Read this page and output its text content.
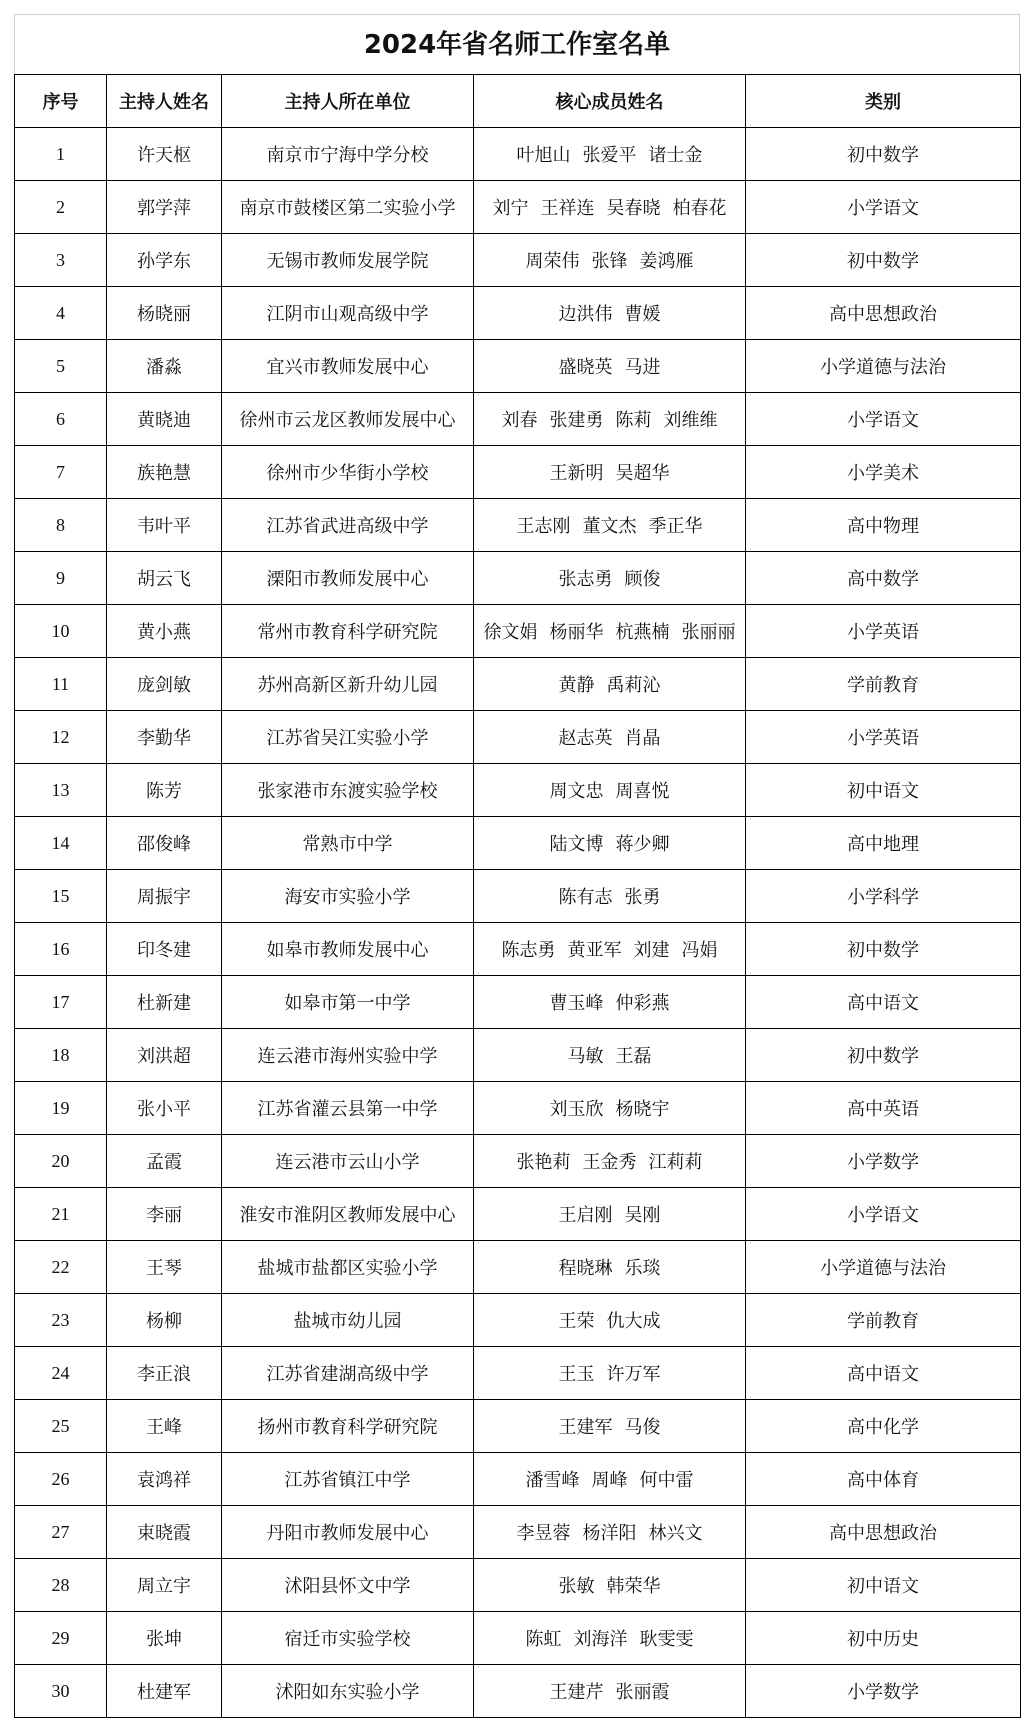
2024年省名师工作室名单
序号	主持人姓名	主持人所在单位	核心成员姓名	类别
1	许天枢	南京市宁海中学分校	叶旭山 张爱平 诸士金	初中数学
2	郭学萍	南京市鼓楼区第二实验小学	刘宁 王祥连 吴春晓 柏春花	小学语文
3	孙学东	无锡市教师发展学院	周荣伟 张锋 姜鸿雁	初中数学
4	杨晓丽	江阴市山观高级中学	边洪伟 曹媛	高中思想政治
5	潘淼	宜兴市教师发展中心	盛晓英 马进	小学道德与法治
6	黄晓迪	徐州市云龙区教师发展中心	刘春 张建勇 陈莉 刘维维	小学语文
7	族艳慧	徐州市少华街小学校	王新明 吴超华	小学美术
8	韦叶平	江苏省武进高级中学	王志刚 董文杰 季正华	高中物理
9	胡云飞	溧阳市教师发展中心	张志勇 顾俊	高中数学
10	黄小燕	常州市教育科学研究院	徐文娟 杨丽华 杭燕楠 张丽丽	小学英语
11	庞剑敏	苏州高新区新升幼儿园	黄静 禹莉沁	学前教育
12	李勤华	江苏省吴江实验小学	赵志英 肖晶	小学英语
13	陈芳	张家港市东渡实验学校	周文忠 周喜悦	初中语文
14	邵俊峰	常熟市中学	陆文博 蒋少卿	高中地理
15	周振宇	海安市实验小学	陈有志 张勇	小学科学
16	印冬建	如皋市教师发展中心	陈志勇 黄亚军 刘建 冯娟	初中数学
17	杜新建	如皋市第一中学	曹玉峰 仲彩燕	高中语文
18	刘洪超	连云港市海州实验中学	马敏 王磊	初中数学
19	张小平	江苏省灌云县第一中学	刘玉欣 杨晓宇	高中英语
20	孟霞	连云港市云山小学	张艳莉 王金秀 江莉莉	小学数学
21	李丽	淮安市淮阴区教师发展中心	王启刚 吴刚	小学语文
22	王琴	盐城市盐都区实验小学	程晓琳 乐琰	小学道德与法治
23	杨柳	盐城市幼儿园	王荣 仇大成	学前教育
24	李正浪	江苏省建湖高级中学	王玉 许万军	高中语文
25	王峰	扬州市教育科学研究院	王建军 马俊	高中化学
26	袁鸿祥	江苏省镇江中学	潘雪峰 周峰 何中雷	高中体育
27	束晓霞	丹阳市教师发展中心	李昱蓉 杨洋阳 林兴文	高中思想政治
28	周立宇	沭阳县怀文中学	张敏 韩荣华	初中语文
29	张坤	宿迁市实验学校	陈虹 刘海洋 耿雯雯	初中历史
30	杜建军	沭阳如东实验小学	王建芹 张丽霞	小学数学
